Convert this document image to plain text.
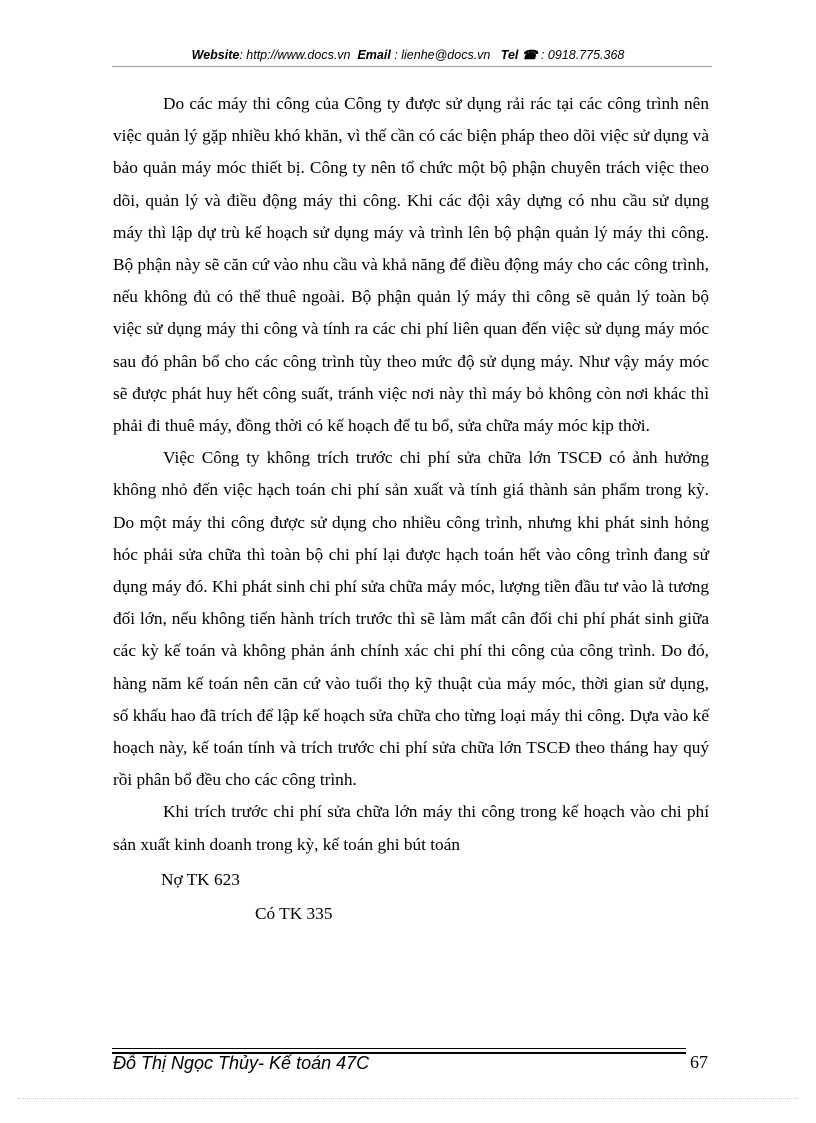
Website: http://www.docs.vn Email : lienhe@docs.vn Tel ☎ : 0918.775.368

Do các máy thi công của Công ty được sử dụng rải rác tại các công trình nên việc quản lý gặp nhiều khó khăn, vì thế cần có các biện pháp theo dõi việc sử dụng và bảo quản máy móc thiết bị. Công ty nên tổ chức một bộ phận chuyên trách việc theo dõi, quản lý và điều động máy thi công. Khi các đội xây dựng có nhu cầu sử dụng máy thì lập dự trù kế hoạch sử dụng máy và trình lên bộ phận quản lý máy thi công. Bộ phận này sẽ căn cứ vào nhu cầu và khả năng để điều động máy cho các công trình, nếu không đủ có thể thuê ngoài. Bộ phận quản lý máy thi công sẽ quản lý toàn bộ việc sử dụng máy thi công và tính ra các chi phí liên quan đến việc sử dụng máy móc sau đó phân bổ cho các công trình tùy theo mức độ sử dụng máy. Như vậy máy móc sẽ được phát huy hết công suất, tránh việc nơi này thì máy bỏ không còn nơi khác thì phải đi thuê máy, đồng thời có kế hoạch để tu bổ, sửa chữa máy móc kịp thời.

Việc Công ty không trích trước chi phí sửa chữa lớn TSCĐ có ảnh hưởng không nhỏ đến việc hạch toán chi phí sản xuất và tính giá thành sản phẩm trong kỳ. Do một máy thi công được sử dụng cho nhiều công trình, nhưng khi phát sinh hỏng hóc phải sửa chữa thì toàn bộ chi phí lại được hạch toán hết vào công trình đang sử dụng máy đó. Khi phát sinh chi phí sửa chữa máy móc, lượng tiền đầu tư vào là tương đối lớn, nếu không tiến hành trích trước thì sẽ làm mất cân đối chi phí phát sinh giữa các kỳ kế toán và không phản ánh chính xác chi phí thi công của công trình. Do đó, hàng năm kế toán nên căn cứ vào tuổi thọ kỹ thuật của máy móc, thời gian sử dụng, số khấu hao đã trích để lập kế hoạch sửa chữa cho từng loại máy thi công. Dựa vào kế hoạch này, kế toán tính và trích trước chi phí sửa chữa lớn TSCĐ theo tháng hay quý rồi phân bổ đều cho các công trình.

Khi trích trước chi phí sửa chữa lớn máy thi công trong kế hoạch vào chi phí sản xuất kinh doanh trong kỳ, kế toán ghi bút toán

Nợ TK 623
Có TK 335
Đỗ Thị Ngọc Thủy- Kế toán 47C	67
